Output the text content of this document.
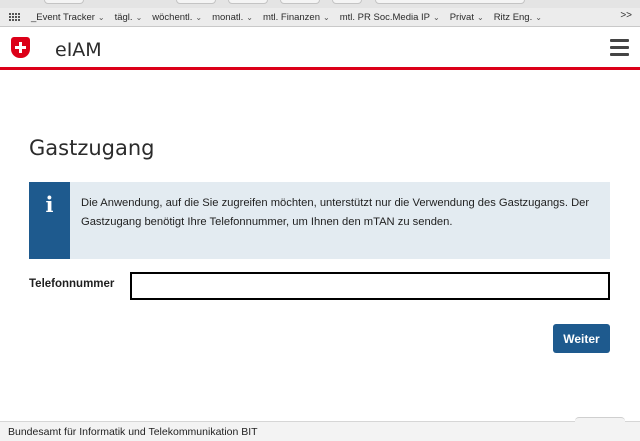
_Event Tracker ⌄ tägl. ⌄ wöchentl. ⌄ monatl. ⌄ mtl. Finanzen ⌄ mtl. PR Soc.Media IP ⌄ Privat ⌄ Ritz Eng. ⌄	>>
eIAM
Gastzugang
i	Die Anwendung, auf die Sie zugreifen möchten, unterstützt nur die Verwendung des Gastzugangs. Der Gastzugang benötigt Ihre Telefonnummer, um Ihnen den mTAN zu senden.
Telefonnummer
Weiter
Bundesamt für Informatik und Telekommunikation BIT
